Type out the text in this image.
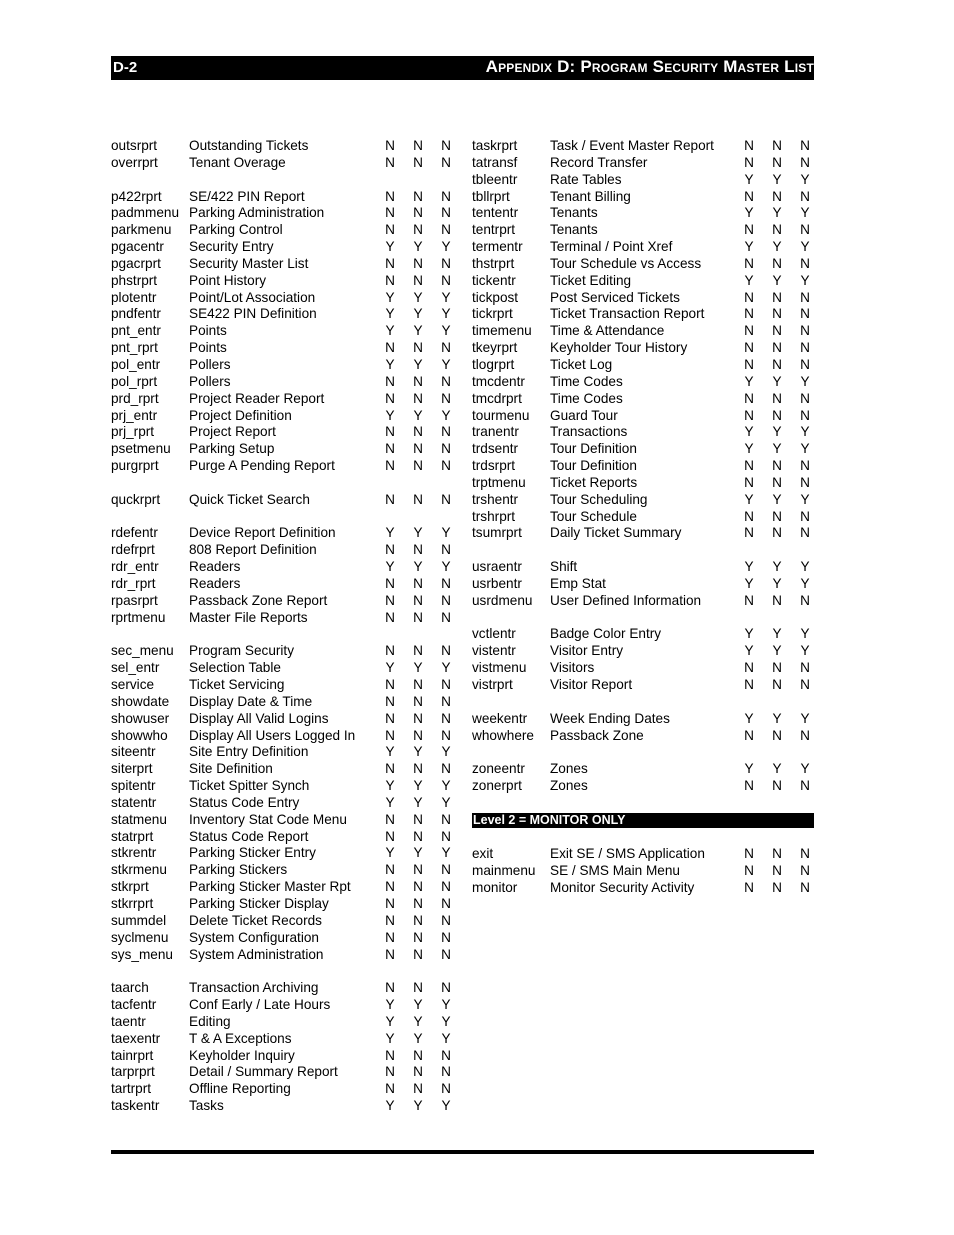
D-2	Appendix D: Program Security Master List
outsrprt Outstanding Tickets	N N N
overrprt Tenant Overage	N N N
p422rprt SE/422 PIN Report	N N N
padmmenu Parking Administration	N N N
parkmenu Parking Control	N N N
pgacentr Security Entry	Y Y Y
pgacrprt Security Master List	N N N
phstrprt Point History	N N N
plotentr Point/Lot Association	Y Y Y
pndfentr SE422 PIN Definition	Y Y Y
pnt_entr Points	Y Y Y
pnt_rprt Points	N N N
pol_entr Pollers	Y Y Y
pol_rprt Pollers	N N N
prd_rprt Project Reader Report	N N N
prj_entr Project Definition	Y Y Y
prj_rprt	Project Report	N N N
psetmenu Parking Setup	N N N
purgrprt Purge A Pending Report	N N N
quckrprt Quick Ticket Search	N N N
rdefentr Device Report Definition	Y Y Y
rdefrprt	808 Report Definition	N N N
rdr_entr Readers	Y Y Y
rdr_rprt Readers	N N N
rpasrprt Passback Zone Report	N N N
rprtmenu Master File Reports	N N N
sec_menu Program Security	N N N
sel_entr Selection Table	Y Y Y
service	Ticket Servicing	N N N
showdate Display Date & Time	N N N
showuser Display All Valid Logins	N N N
showwho Display All Users Logged In N N N
siteentr Site Entry Definition	Y Y Y
siterprt	Site Definition	N N N
spitentr Ticket Spitter Synch	Y Y Y
statentr Status Code Entry	Y Y Y
statmenu Inventory Stat Code Menu	N N N
statrprt	Status Code Report	N N N
stkrentr Parking Sticker Entry	Y Y Y
stkrmenu Parking Stickers	N N N
stkrprt	Parking Sticker Master Rpt	N N N
stkrrprt	Parking Sticker Display	N N N
summdel Delete Ticket Records	N N N
syclmenu System Configuration	N N N
sys_menu System Administration	N N N
taarch	Transaction Archiving	N N N
tacfentr Conf Early / Late Hours	Y Y Y
taentr	Editing	Y Y Y
taexentr T & A Exceptions	Y Y Y
tainrprt	Keyholder Inquiry	N N N
tarprprt	Detail / Summary Report	N N N
tartrprt	Offline Reporting	N N N
taskentr Tasks	Y Y Y
taskrprt Task / Event Master Report N N N
tatransf Record Transfer	N N N
tbleentr Rate Tables	Y Y Y
tbllrprt	Tenant Billing	N N N
tententr Tenants	Y Y Y
tentrprt	Tenants	N N N
termentr Terminal / Point Xref	Y Y Y
thstrprt	Tour Schedule vs Access	N N N
tickentr	Ticket Editing	Y Y Y
tickpost Post Serviced Tickets	N N N
tickrprt	Ticket Transaction Report	N N N
timemenu Time & Attendance	N N N
tkeyrprt Keyholder Tour History	N N N
tlogrprt	Ticket Log	N N N
tmcdentr Time Codes	Y Y Y
tmcdrprt Time Codes	N N N
tourmenu Guard Tour	N N N
tranentr Transactions	Y Y Y
trdsentr Tour Definition	Y Y Y
trdsrprt	Tour Definition	N N N
trptmenu Ticket Reports	N N N
trshentr Tour Scheduling	Y Y Y
trshrprt	Tour Schedule	N N N
tsumrprt Daily Ticket Summary	N N N
usraentr Shift	Y Y Y
usrbentr Emp Stat	Y Y Y
usrdmenu User Defined Information	N N N
vctlentr	Badge Color Entry	Y Y Y
vistentr	Visitor Entry	Y Y Y
vistmenu Visitors	N N N
vistrprt	Visitor Report	N N N
weekentr Week Ending Dates	Y Y Y
whowhere Passback Zone	N N N
zoneentr Zones	Y Y Y
zonerprt Zones	N N N
Level 2 = MONITOR ONLY
exit	Exit SE / SMS Application	N N N
mainmenu SE / SMS Main Menu	N N N
monitor Monitor Security Activity	N N N
